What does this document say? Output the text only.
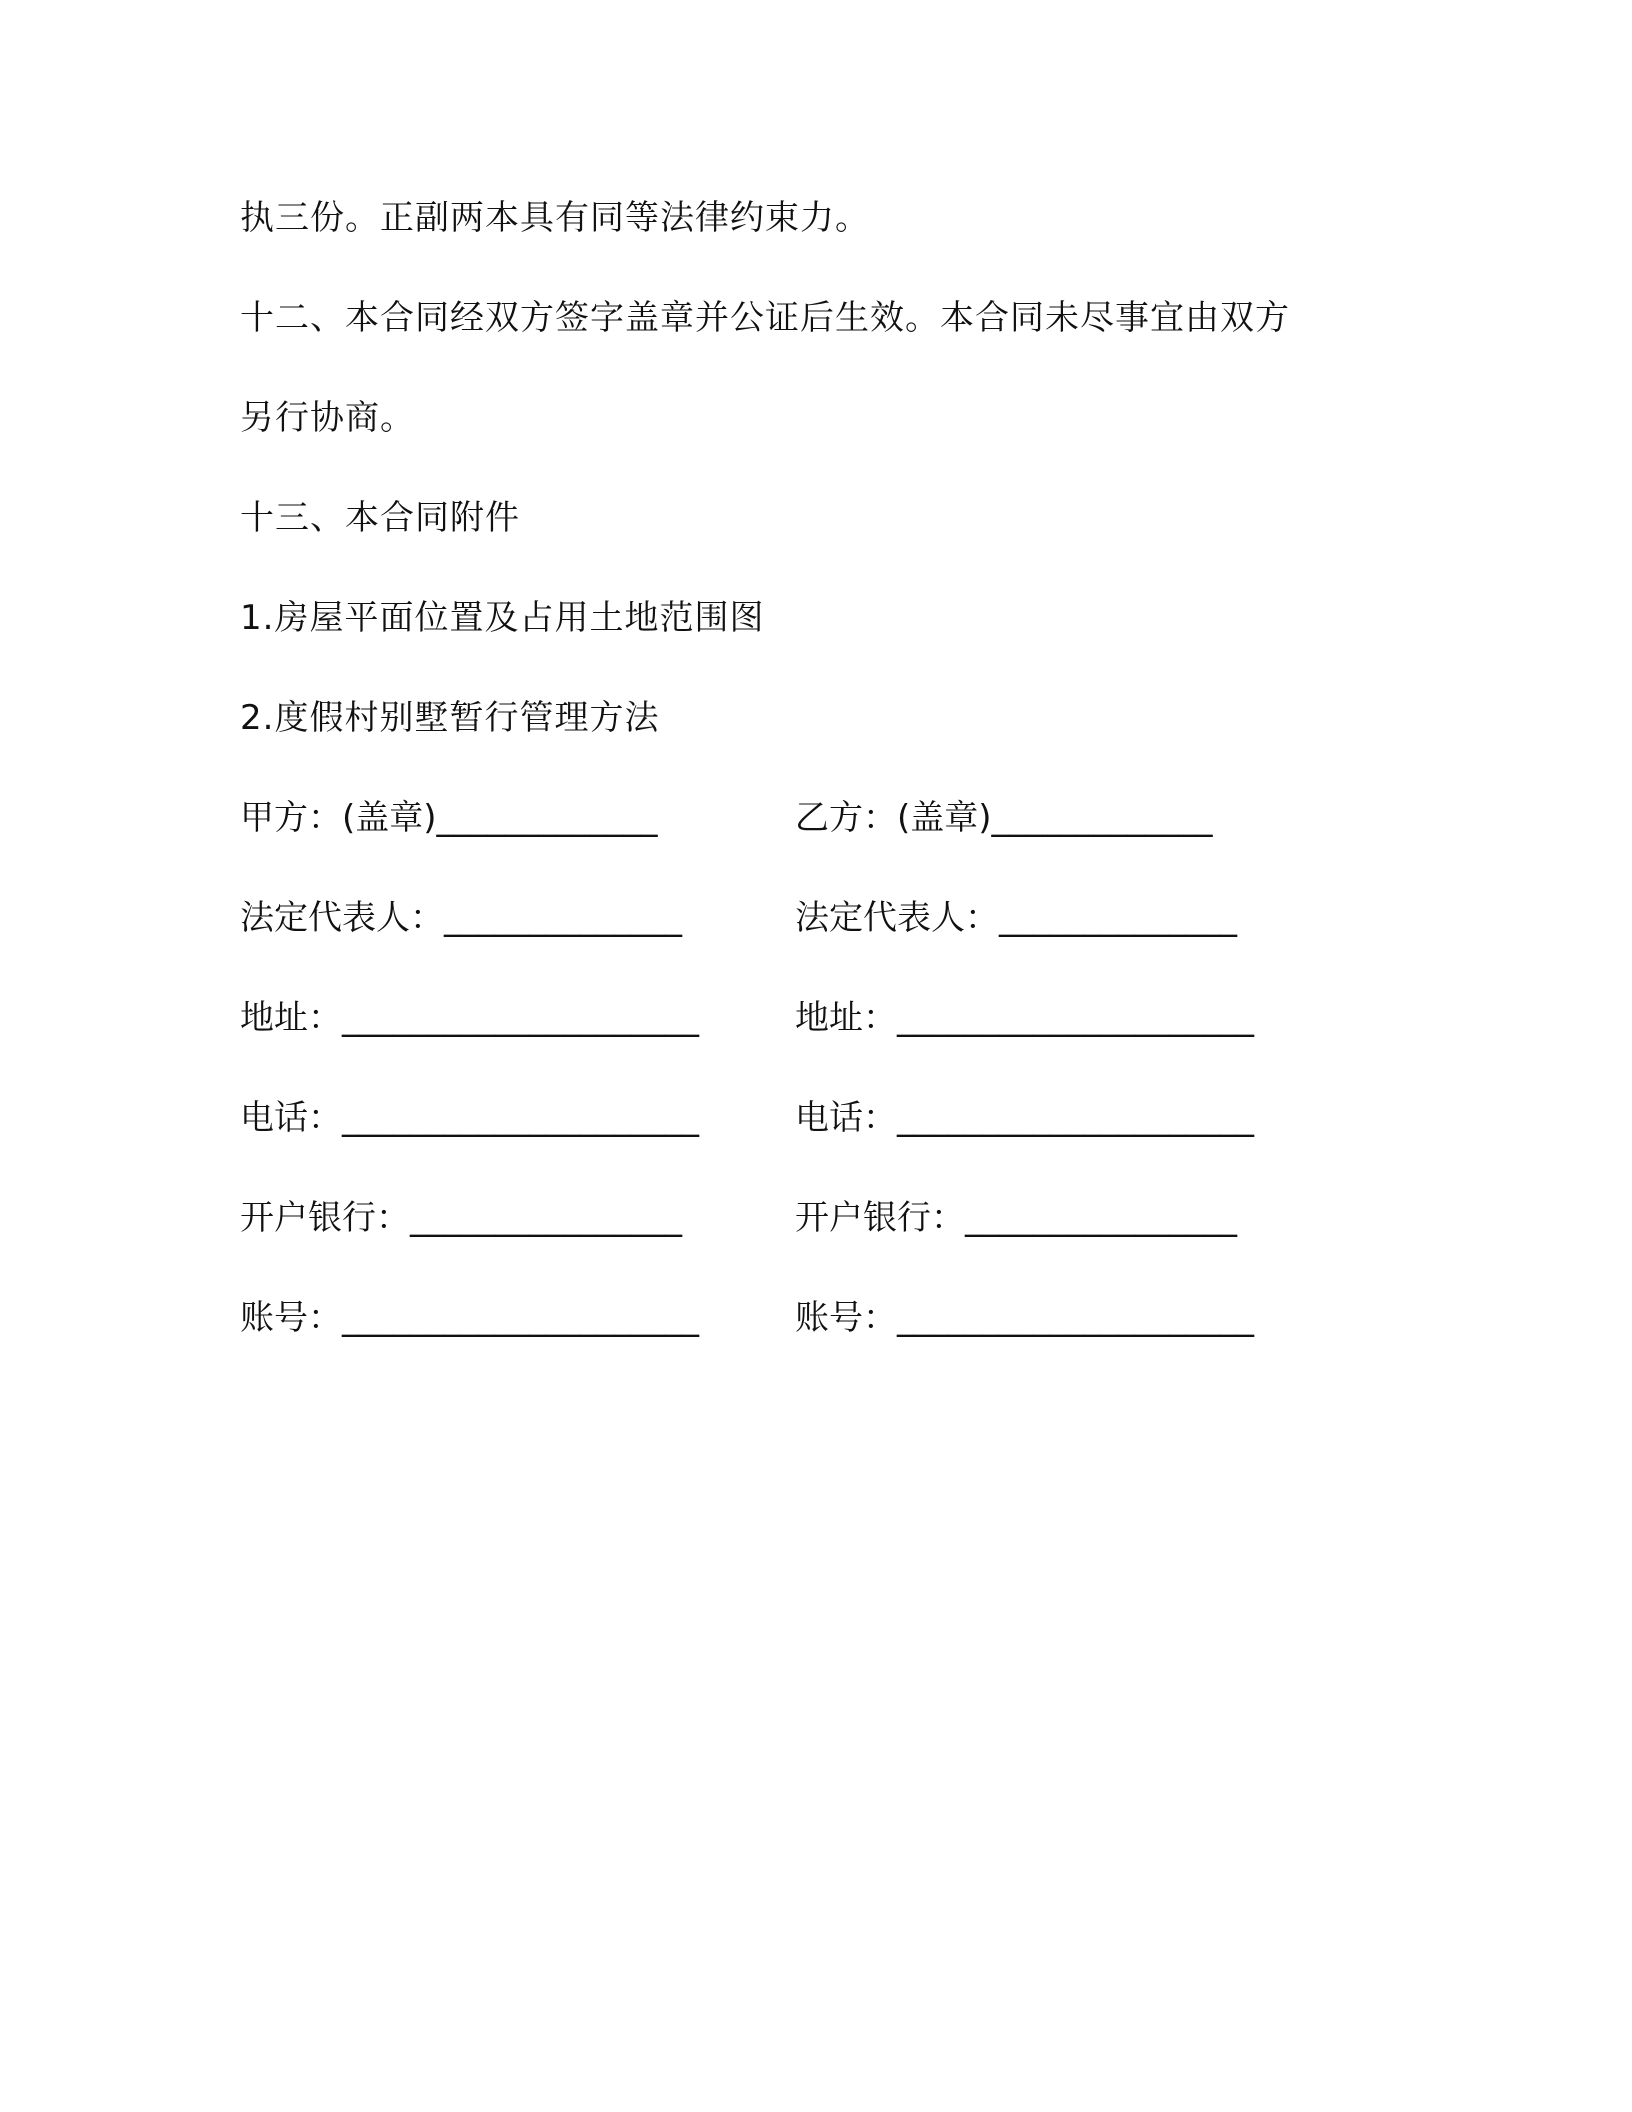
执三份。正副两本具有同等法律约束力。
十二、本合同经双方签字盖章并公证后生效。本合同未尽事宜由双方
另行协商。
十三、本合同附件
1.房屋平面位置及占用土地范围图
2.度假村别墅暂行管理方法
甲方：(盖章)_____________	乙方：(盖章)_____________
法定代表人：______________	法定代表人：______________
地址：_____________________	地址：_____________________
电话：_____________________	电话：_____________________
开户银行：________________	开户银行：________________
账号：_____________________	账号：_____________________
